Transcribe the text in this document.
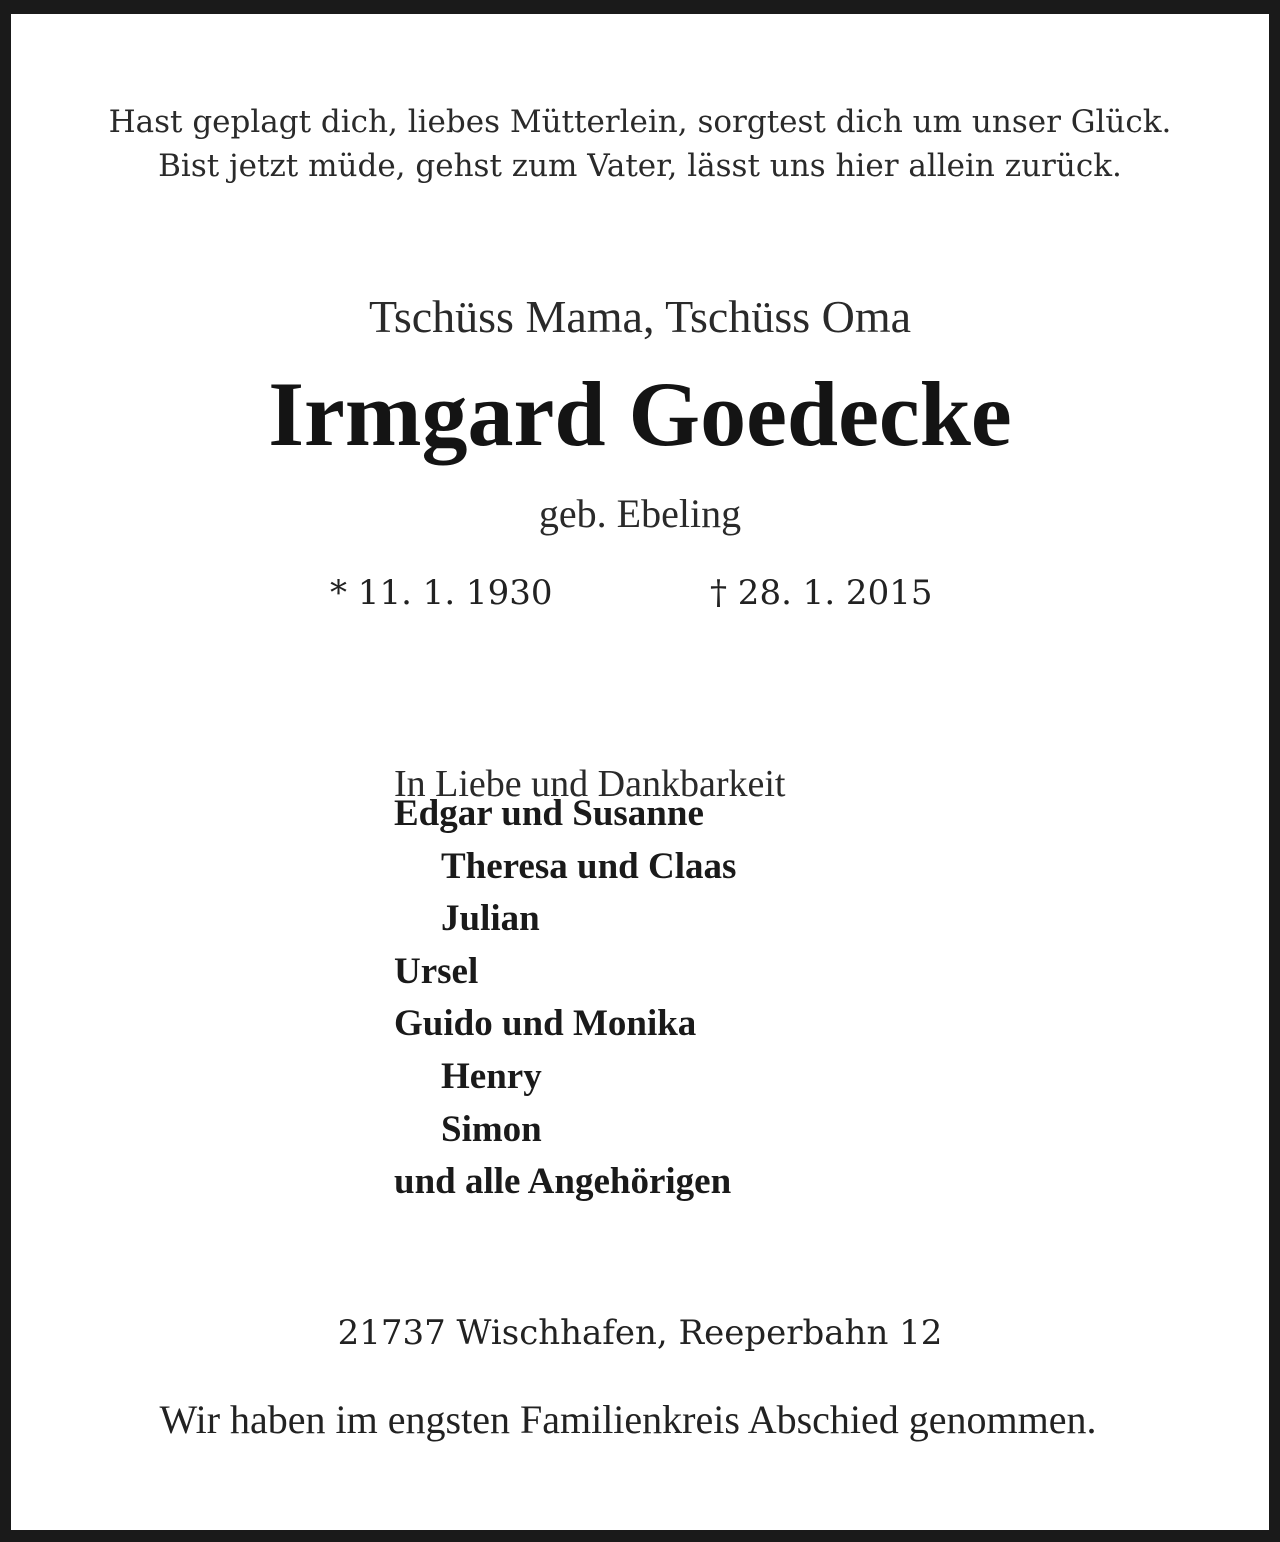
Hast geplagt dich, liebes Mütterlein, sorgtest dich um unser Glück.

Bist jetzt müde, gehst zum Vater, lässt uns hier allein zurück.

Tschüss Mama, Tschüss Oma

Irmgard Goedecke

geb. Ebeling

* 11. 1. 1930	† 28. 1. 2015

In Liebe und Dankbarkeit

Edgar und Susanne
Theresa und Claas
Julian
Ursel
Guido und Monika
Henry
Simon
und alle Angehörigen

21737 Wischhafen, Reeperbahn 12

Wir haben im engsten Familienkreis Abschied genommen.
